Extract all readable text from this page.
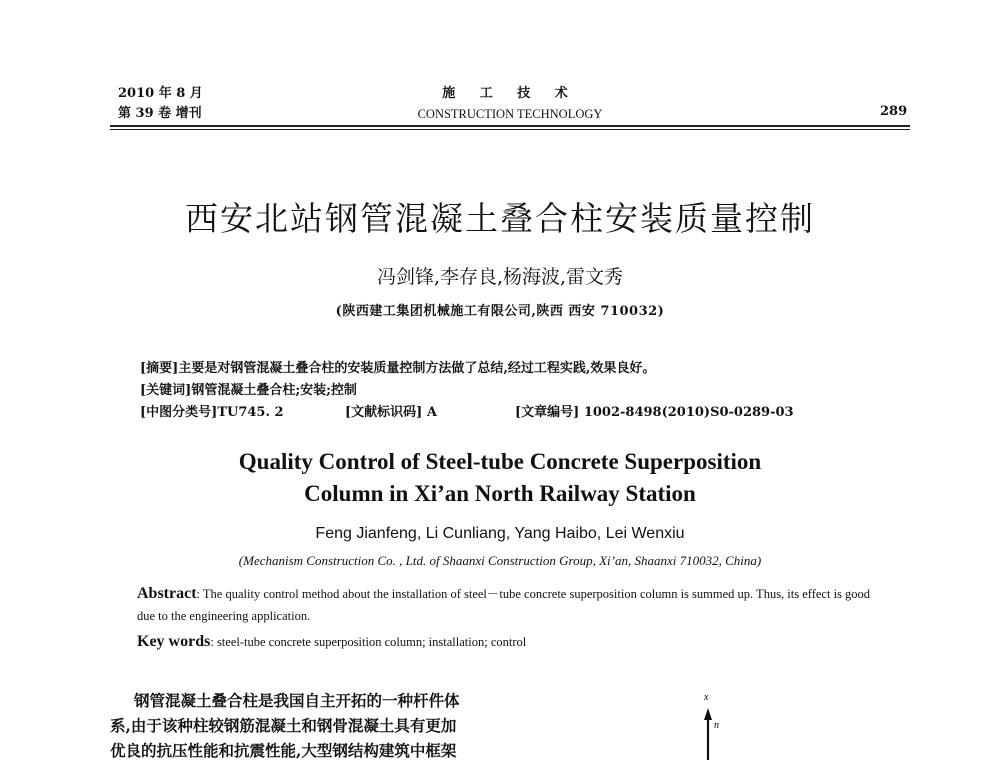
2010 年 8 月
第 39 卷 增刊
施 工 技 术
CONSTRUCTION TECHNOLOGY	289
西安北站钢管混凝土叠合柱安装质量控制
冯剑锋,李存良,杨海波,雷文秀
(陕西建工集团机械施工有限公司,陕西 西安 710032)
[摘要]主要是对钢管混凝土叠合柱的安装质量控制方法做了总结,经过工程实践,效果良好。
[关键词]钢管混凝土叠合柱;安装;控制
[中图分类号]TU745. 2	[文献标识码] A	[文章编号] 1002-8498(2010)S0-0289-03
Quality Control of Steel-tube Concrete Superposition
Column in Xi’an North Railway Station
Feng Jianfeng, Li Cunliang, Yang Haibo, Lei Wenxiu
(Mechanism Construction Co. , Ltd. of Shaanxi Construction Group, Xi’an, Shaanxi 710032, China)
Abstract: The quality control method about the installation of steel－tube concrete superposition column is summed up. Thus, its effect is good due to the engineering application.
Key words: steel-tube concrete superposition column; installation; control
钢管混凝土叠合柱是我国自主开拓的一种杆件体
系,由于该种柱较钢筋混凝土和钢骨混凝土具有更加
优良的抗压性能和抗震性能,大型钢结构建筑中框架
x
n
